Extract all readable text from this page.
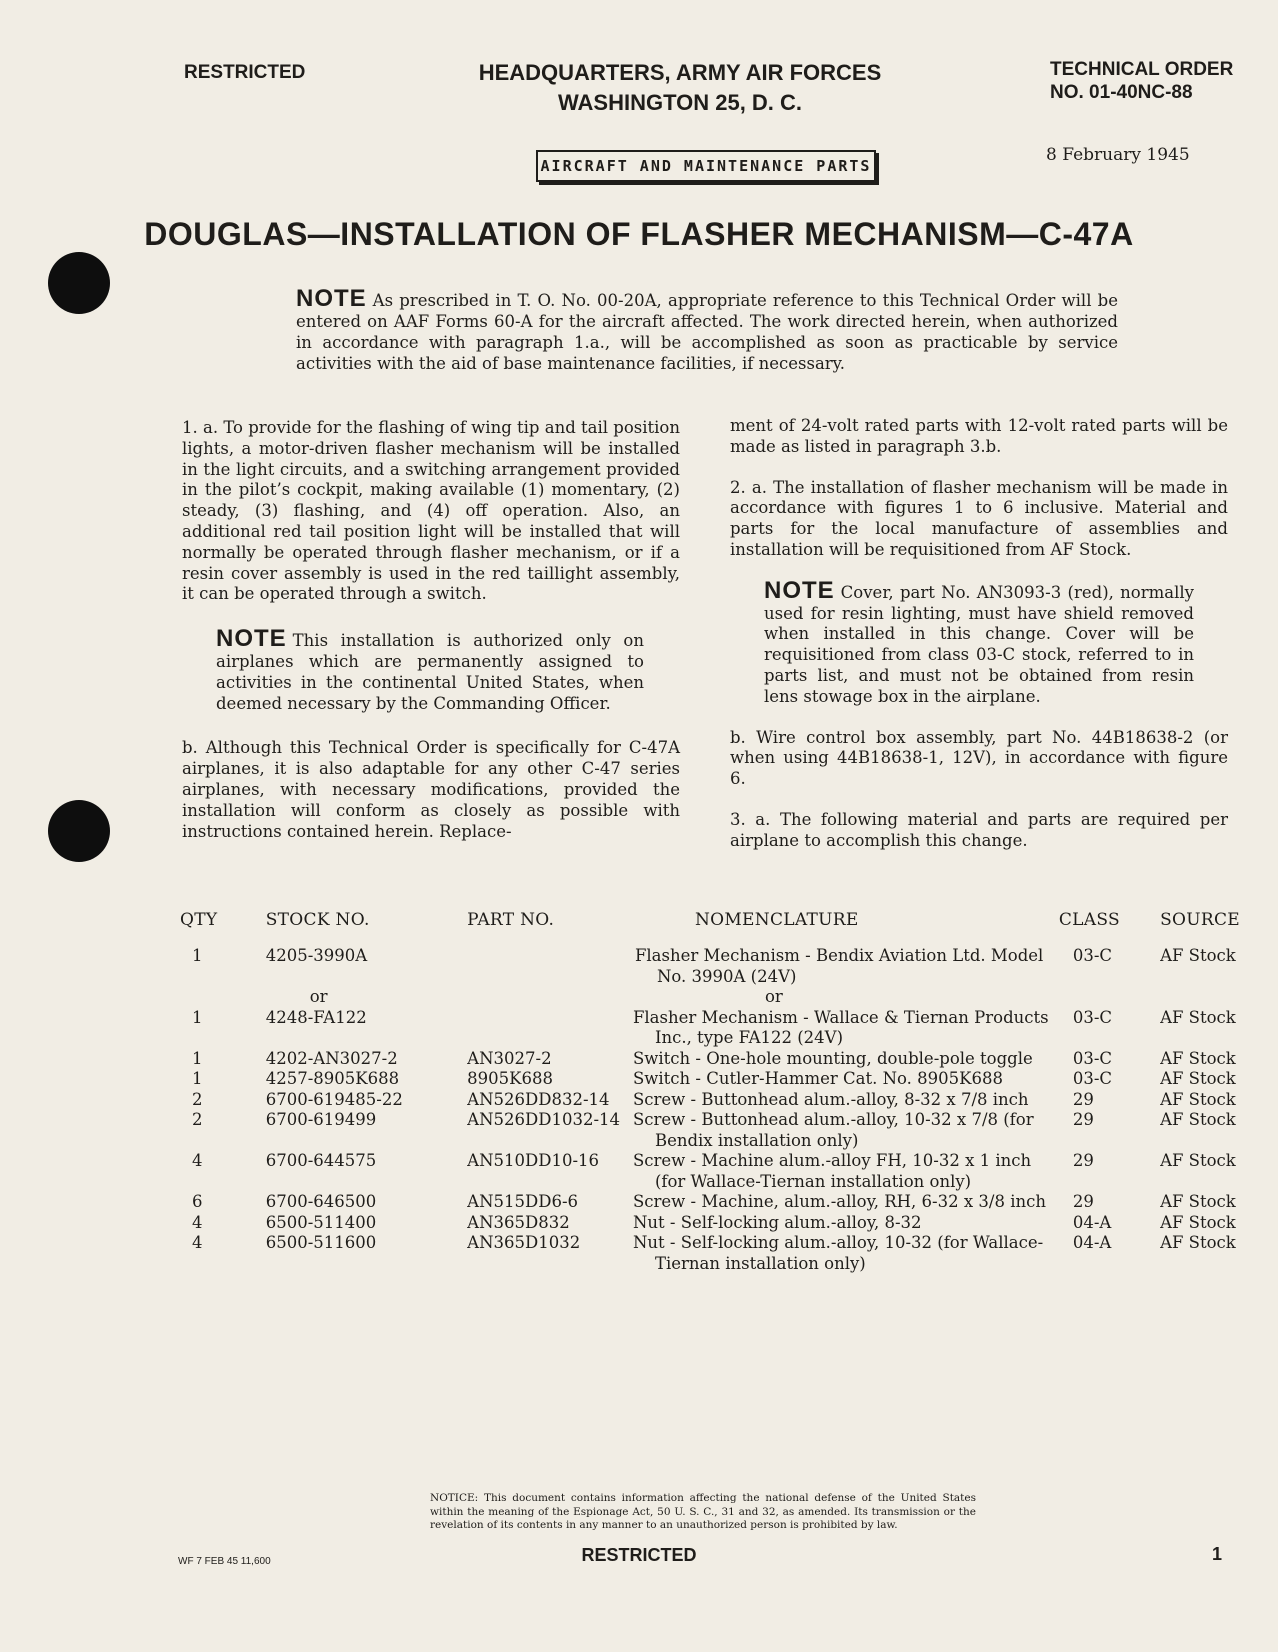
RESTRICTED	HEADQUARTERS, ARMY AIR FORCES
WASHINGTON 25, D. C.
TECHNICAL ORDER
NO. 01-40NC-88
8 February 1945
AIRCRAFT AND MAINTENANCE PARTS
DOUGLAS—INSTALLATION OF FLASHER MECHANISM—C-47A

NOTE As prescribed in T. O. No. 00-20A, appropriate reference to this Technical Order will be entered on AAF Forms 60-A for the aircraft affected. The work directed herein, when authorized in accordance with paragraph 1.a., will be accomplished as soon as practicable by service activities with the aid of base maintenance facilities, if necessary.

1. a. To provide for the flashing of wing tip and tail position lights, a motor-driven flasher mechanism will be installed in the light circuits, and a switching arrangement provided in the pilot’s cockpit, making available (1) momentary, (2) steady, (3) flashing, and (4) off operation. Also, an additional red tail position light will be installed that will normally be operated through flasher mechanism, or if a resin cover assembly is used in the red taillight assembly, it can be operated through a switch.

NOTE This installation is authorized only on airplanes which are permanently assigned to activities in the continental United States, when deemed necessary by the Commanding Officer.

b. Although this Technical Order is specifically for C-47A airplanes, it is also adaptable for any other C-47 series airplanes, with necessary modifications, provided the installation will conform as closely as possible with instructions contained herein. Replace-

ment of 24-volt rated parts with 12-volt rated parts will be made as listed in paragraph 3.b.

2. a. The installation of flasher mechanism will be made in accordance with figures 1 to 6 inclusive. Material and parts for the local manufacture of assemblies and installation will be requisitioned from AF Stock.

NOTE Cover, part No. AN3093-3 (red), normally used for resin lighting, must have shield removed when installed in this change. Cover will be requisitioned from class 03-C stock, referred to in parts list, and must not be obtained from resin lens stowage box in the airplane.

b. Wire control box assembly, part No. 44B18638-2 (or when using 44B18638-1, 12V), in accordance with figure 6.

3. a. The following material and parts are required per airplane to accomplish this change.

QTY	STOCK NO.	PART NO.	NOMENCLATURE	CLASS	SOURCE
1	4205-3990A		Flasher Mechanism - Bendix Aviation Ltd. Model No. 3990A (24V)	03-C	AF Stock
	or		or		
1	4248-FA122		Flasher Mechanism - Wallace & Tiernan Products Inc., type FA122 (24V)	03-C	AF Stock
1	4202-AN3027-2	AN3027-2	Switch - One-hole mounting, double-pole toggle	03-C	AF Stock
1	4257-8905K688	8905K688	Switch - Cutler-Hammer Cat. No. 8905K688	03-C	AF Stock
2	6700-619485-22	AN526DD832-14	Screw - Buttonhead alum.-alloy, 8-32 x 7/8 inch	29	AF Stock
2	6700-619499	AN526DD1032-14	Screw - Buttonhead alum.-alloy, 10-32 x 7/8 (for Bendix installation only)	29	AF Stock
4	6700-644575	AN510DD10-16	Screw - Machine alum.-alloy FH, 10-32 x 1 inch (for Wallace-Tiernan installation only)	29	AF Stock
6	6700-646500	AN515DD6-6	Screw - Machine, alum.-alloy, RH, 6-32 x 3/8 inch	29	AF Stock
4	6500-511400	AN365D832	Nut - Self-locking alum.-alloy, 8-32	04-A	AF Stock
4	6500-511600	AN365D1032	Nut - Self-locking alum.-alloy, 10-32 (for Wallace-Tiernan installation only)	04-A	AF Stock
NOTICE: This document contains information affecting the national defense of the United States within the meaning of the Espionage Act, 50 U. S. C., 31 and 32, as amended. Its transmission or the revelation of its contents in any manner to an unauthorized person is prohibited by law.
WF 7 FEB 45 11,600	RESTRICTED	1
